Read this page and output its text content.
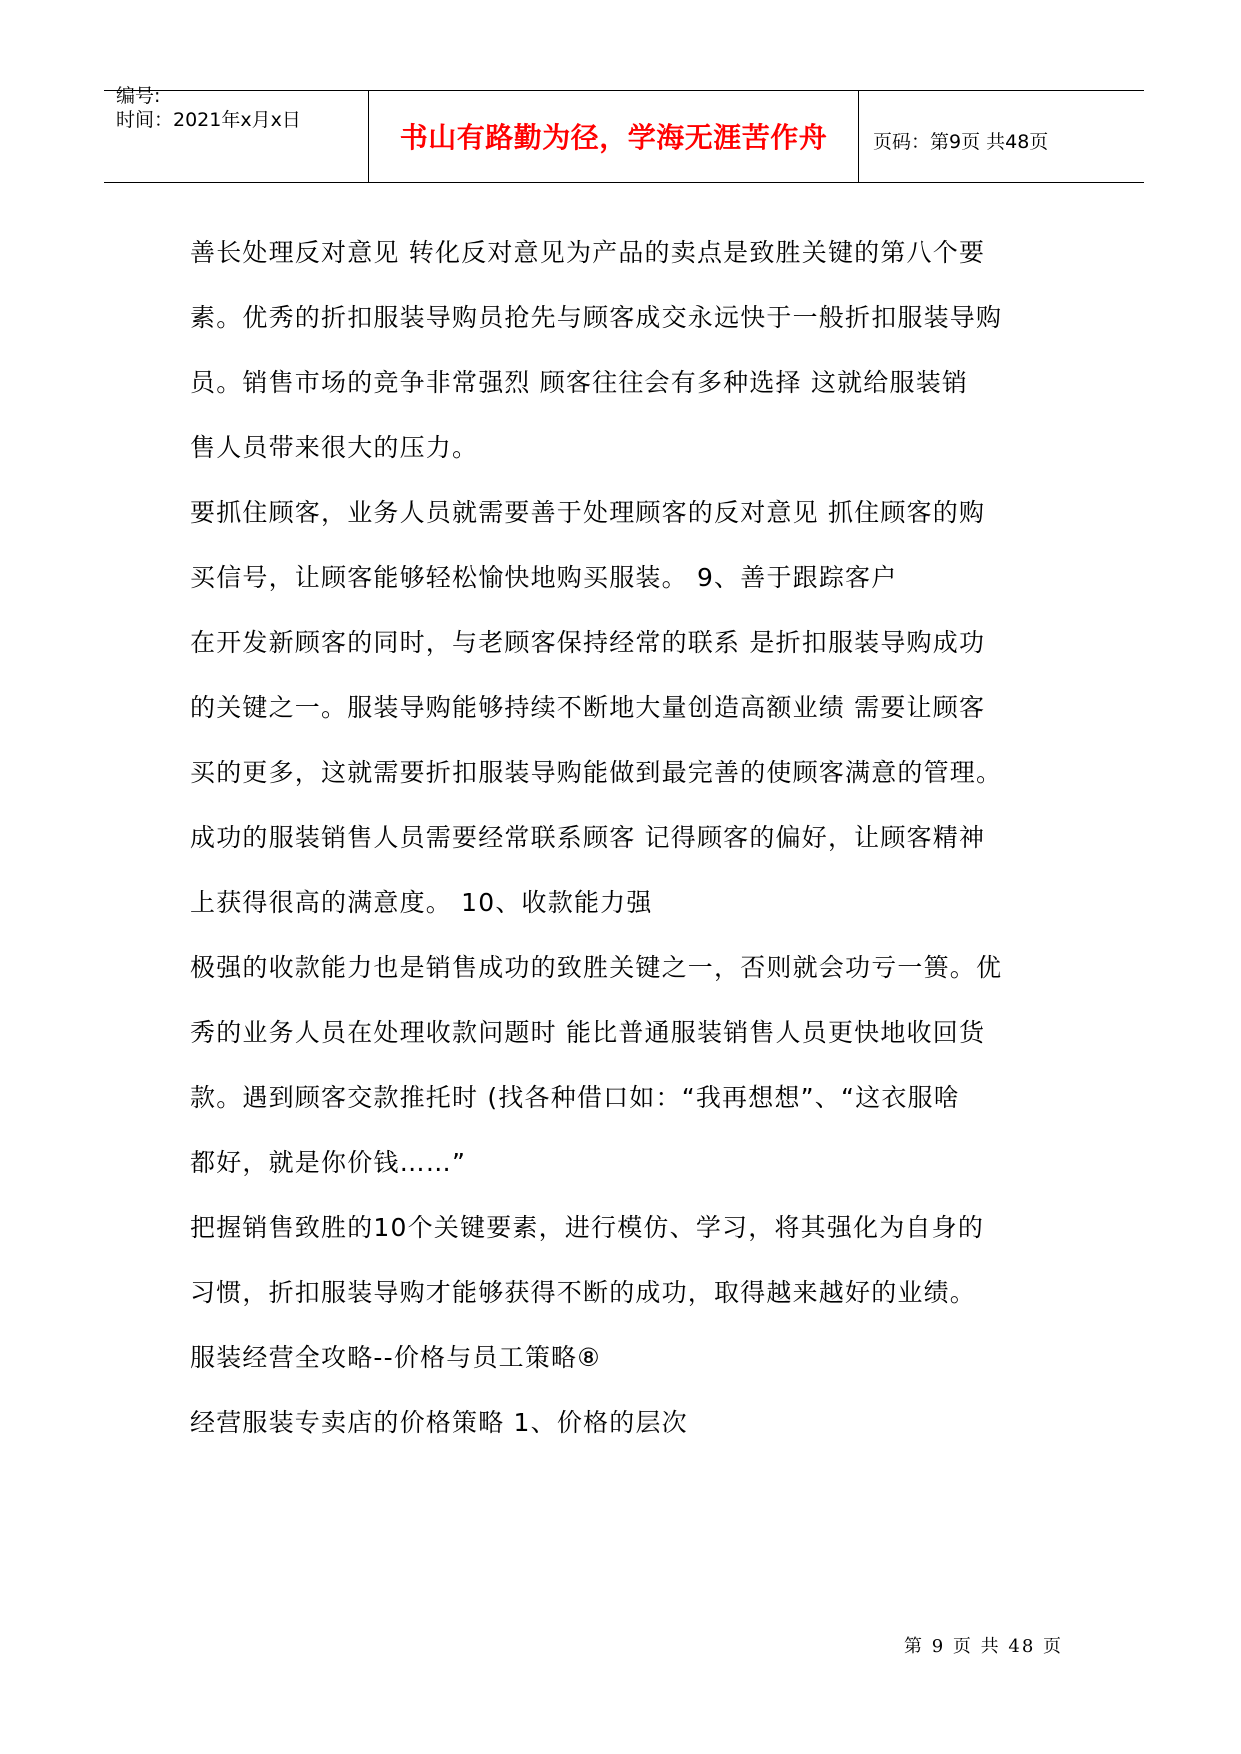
编号:
时间：2021年x月x日
书山有路勤为径，学海无涯苦作舟	页码：第9页 共48页
善长处理反对意见 转化反对意见为产品的卖点是致胜关键的第八个要
素。优秀的折扣服装导购员抢先与顾客成交永远快于一般折扣服装导购
员。销售市场的竞争非常强烈 顾客往往会有多种选择 这就给服装销
售人员带来很大的压力。
要抓住顾客，业务人员就需要善于处理顾客的反对意见 抓住顾客的购
买信号，让顾客能够轻松愉快地购买服装。 9、善于跟踪客户
在开发新顾客的同时，与老顾客保持经常的联系 是折扣服装导购成功
的关键之一。服装导购能够持续不断地大量创造高额业绩 需要让顾客
买的更多，这就需要折扣服装导购能做到最完善的使顾客满意的管理。
成功的服装销售人员需要经常联系顾客 记得顾客的偏好，让顾客精神
上获得很高的满意度。 10、收款能力强
极强的收款能力也是销售成功的致胜关键之一，否则就会功亏一篑。优
秀的业务人员在处理收款问题时 能比普通服装销售人员更快地收回货
款。遇到顾客交款推托时 (找各种借口如：“我再想想”、“这衣服啥
都好，就是你价钱……”
把握销售致胜的10个关键要素，进行模仿、学习，将其强化为自身的
习惯，折扣服装导购才能够获得不断的成功，取得越来越好的业绩。
服装经营全攻略--价格与员工策略⑧
经营服装专卖店的价格策略 1、价格的层次
第 9 页 共 48 页
